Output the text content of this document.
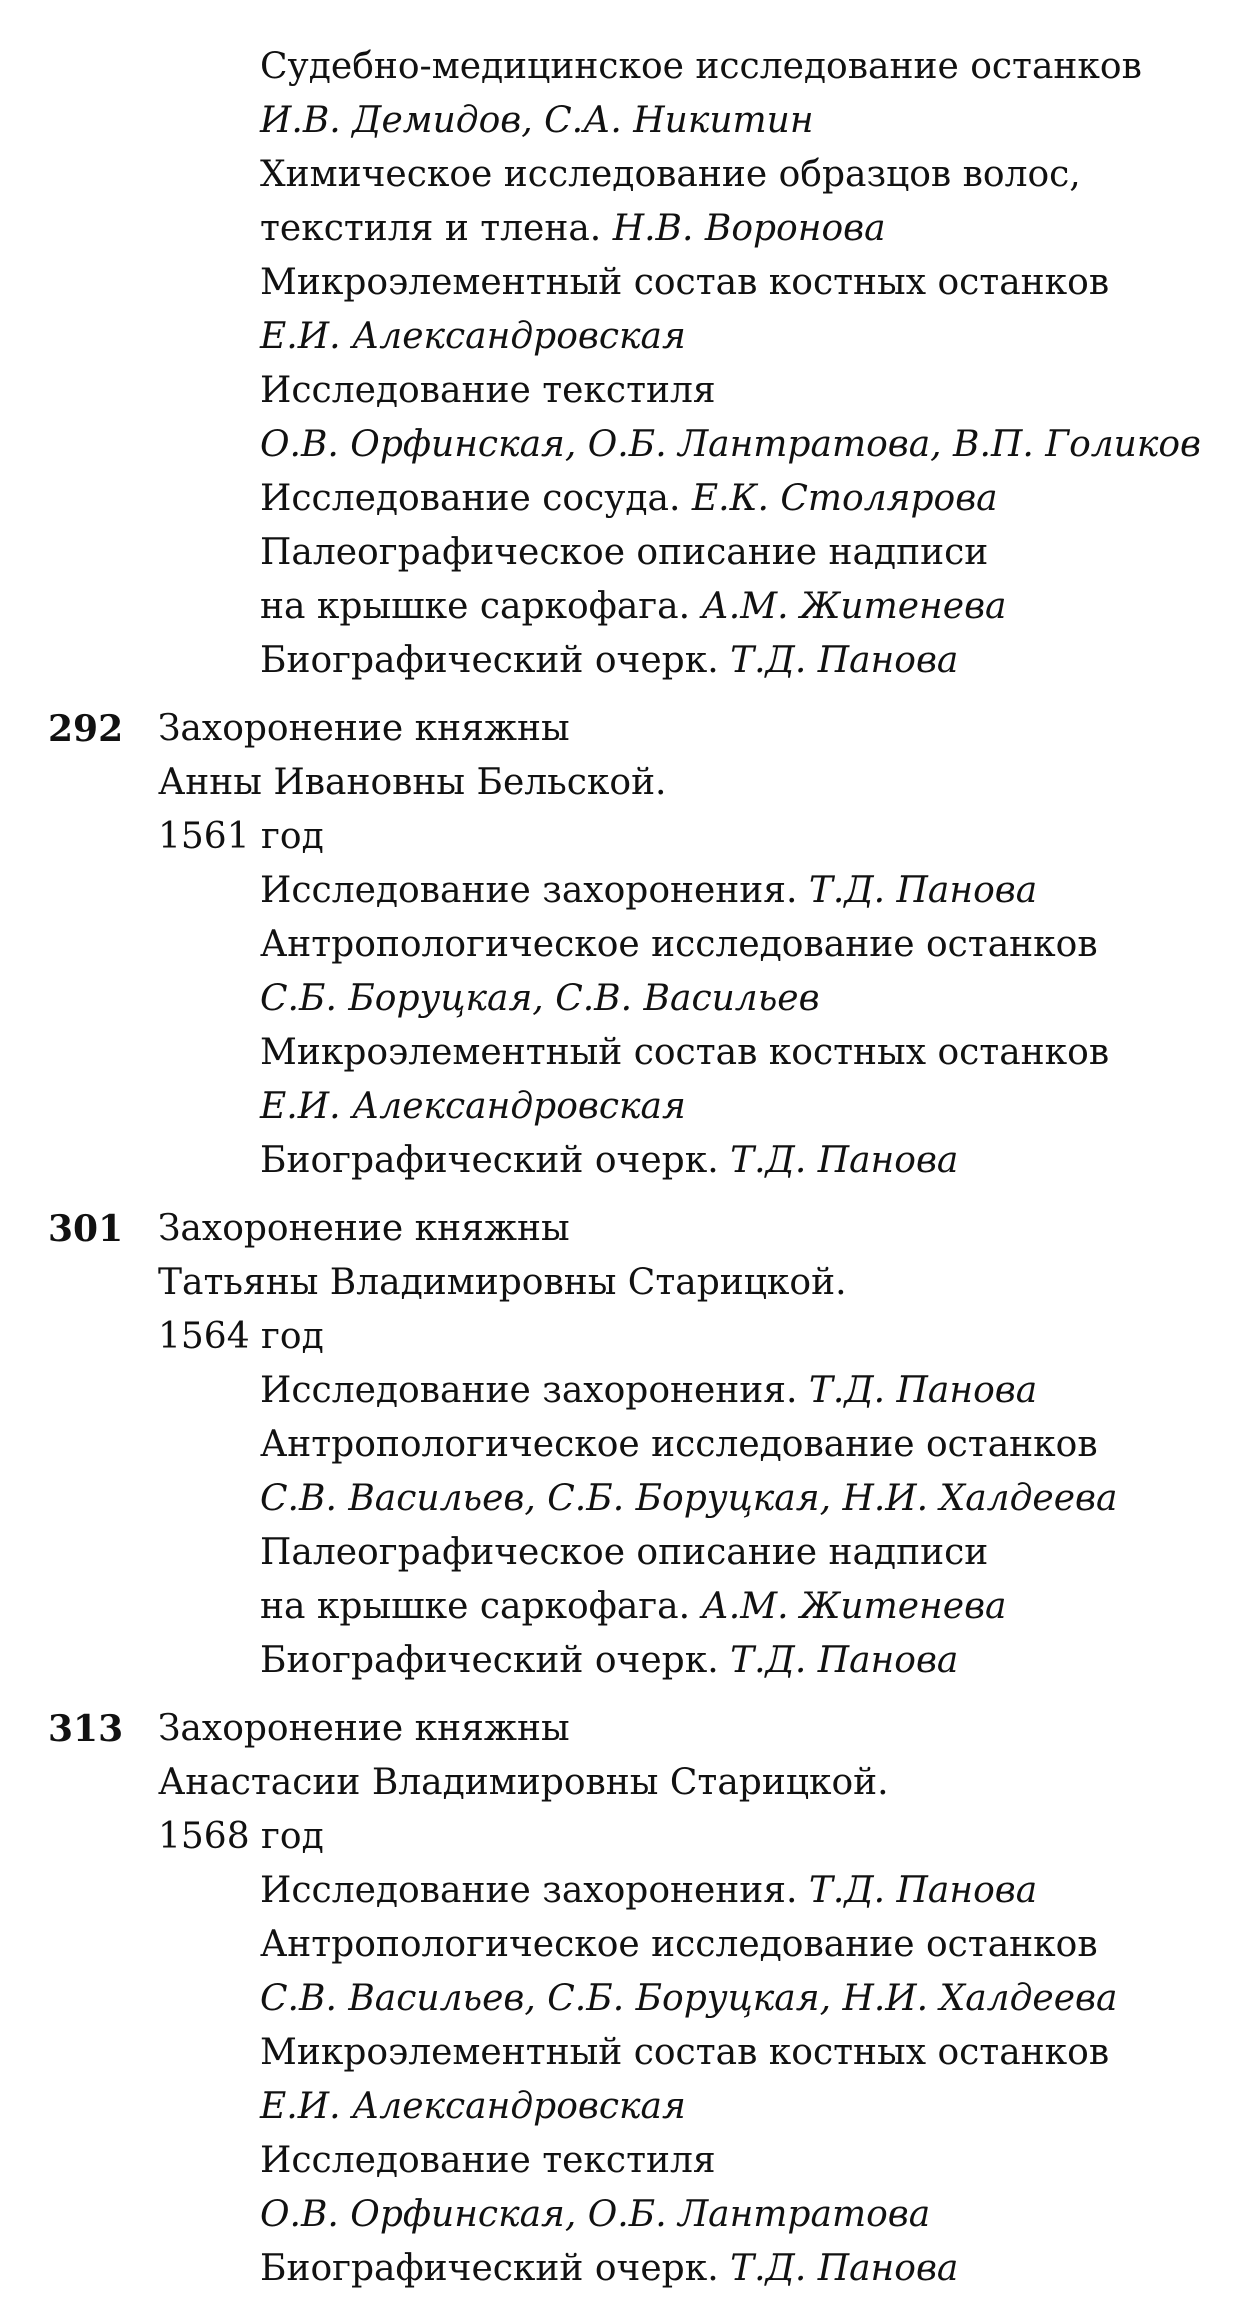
Судебно-медицинское исследование останков
И.В. Демидов, С.А. Никитин
Химическое исследование образцов волос,
текстиля и тлена. Н.В. Воронова
Микроэлементный состав костных останков
Е.И. Александровская
Исследование текстиля
О.В. Орфинская, О.Б. Лантратова, В.П. Голиков
Исследование сосуда. Е.К. Столярова
Палеографическое описание надписи
на крышке саркофага. А.М. Житенева
Биографический очерк. Т.Д. Панова
292 Захоронение княжны
Анны Ивановны Бельской.
1561 год
Исследование захоронения. Т.Д. Панова
Антропологическое исследование останков
С.Б. Боруцкая, С.В. Васильев
Микроэлементный состав костных останков
Е.И. Александровская
Биографический очерк. Т.Д. Панова
301 Захоронение княжны
Татьяны Владимировны Старицкой.
1564 год
Исследование захоронения. Т.Д. Панова
Антропологическое исследование останков
С.В. Васильев, С.Б. Боруцкая, Н.И. Халдеева
Палеографическое описание надписи
на крышке саркофага. А.М. Житенева
Биографический очерк. Т.Д. Панова
313 Захоронение княжны
Анастасии Владимировны Старицкой.
1568 год
Исследование захоронения. Т.Д. Панова
Антропологическое исследование останков
С.В. Васильев, С.Б. Боруцкая, Н.И. Халдеева
Микроэлементный состав костных останков
Е.И. Александровская
Исследование текстиля
О.В. Орфинская, О.Б. Лантратова
Биографический очерк. Т.Д. Панова
